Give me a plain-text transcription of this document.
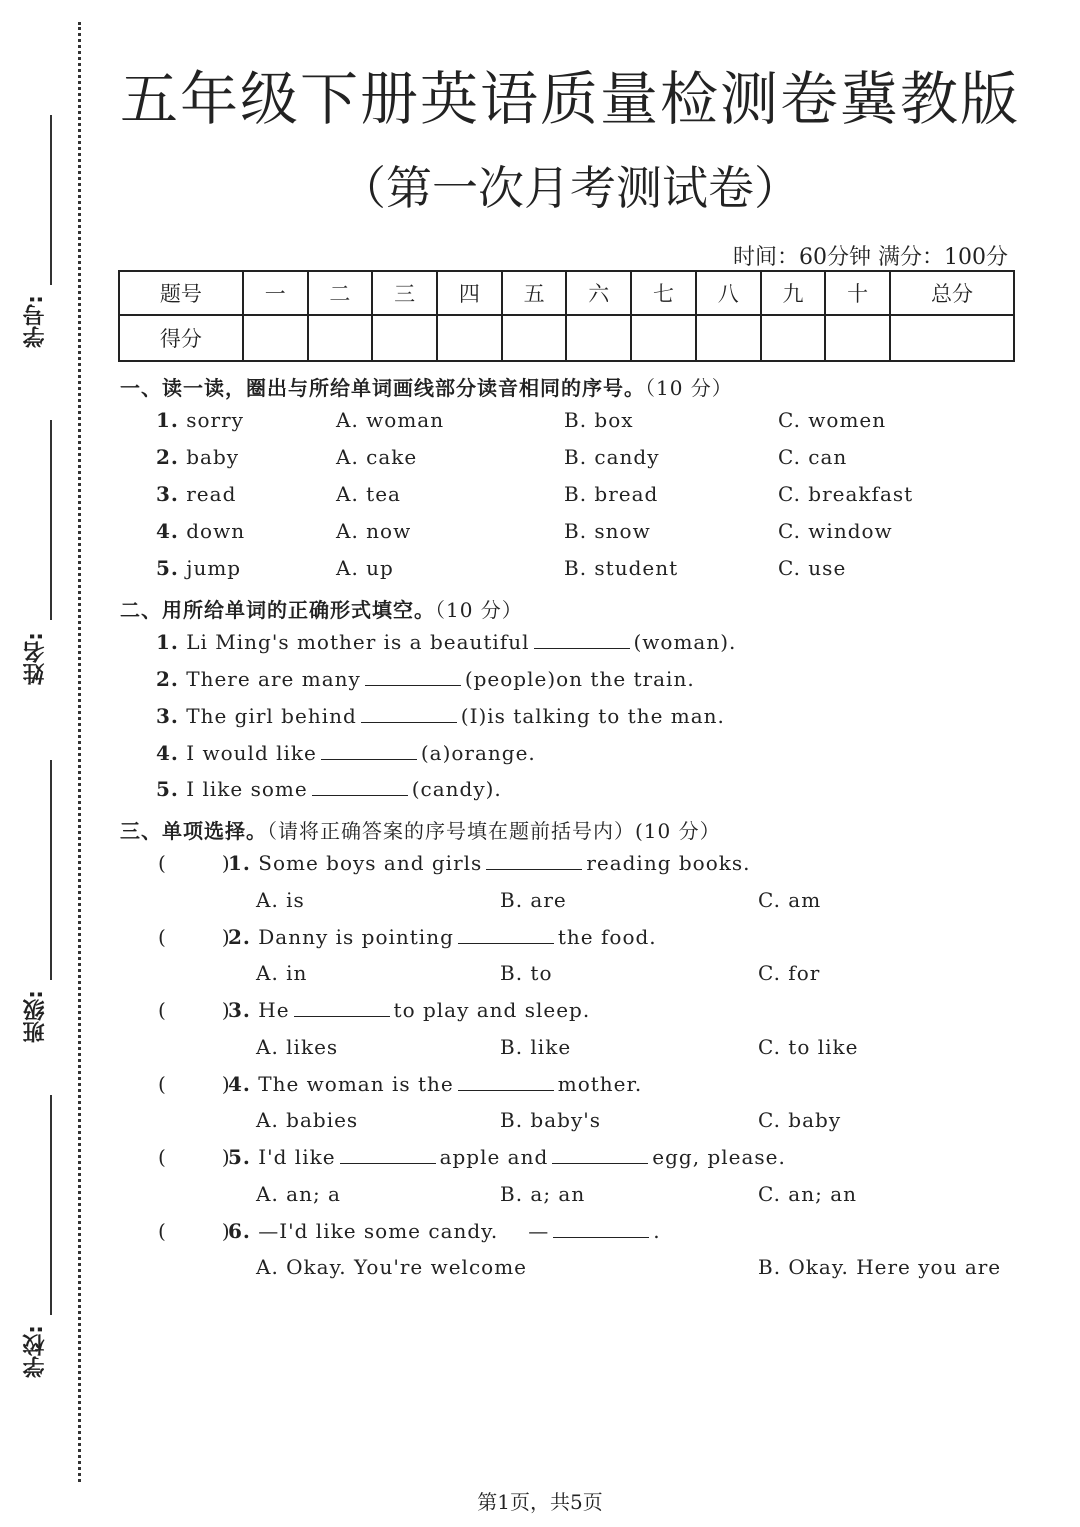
学号:
姓名:
班级:
学校:
五年级下册英语质量检测卷冀教版
（第一次月考测试卷）
时间：60分钟 满分：100分
题号	一	二	三	四	五	六	七	八	九	十	总分
得分											
一、读一读，圈出与所给单词画线部分读音相同的序号。（10 分）
1. sorry	A. woman	B. box	C. women
2. baby	A. cake	B. candy	C. can
3. read	A. tea	B. bread	C. breakfast
4. down	A. now	B. snow	C. window
5. jump	A. up	B. student	C. use
二、用所给单词的正确形式填空。（10 分）
1. Li Ming's mother is a beautiful	(woman).
2. There are many	(people)on the train.
3. The girl behind	(I)is talking to the man.
4. I would like	(a)orange.
5. I like some	(candy).
三、单项选择。（请将正确答案的序号填在题前括号内）(10 分）
(	)
1. Some boys and girls	reading books.
A. is	B. are	C. am
(	)
2. Danny is pointing	the food.
A. in	B. to	C. for
(	)
3. He	to play and sleep.
A. likes	B. like	C. to like
(	)
4. The woman is the	mother.
A. babies	B. baby's	C. baby
(	)
5. I'd like	apple and	egg, please.
A. an; a	B. a; an	C. an; an
(	)
6. —I'd like some candy. —	.
A. Okay. You're welcome	B. Okay. Here you are
第1页，共5页
